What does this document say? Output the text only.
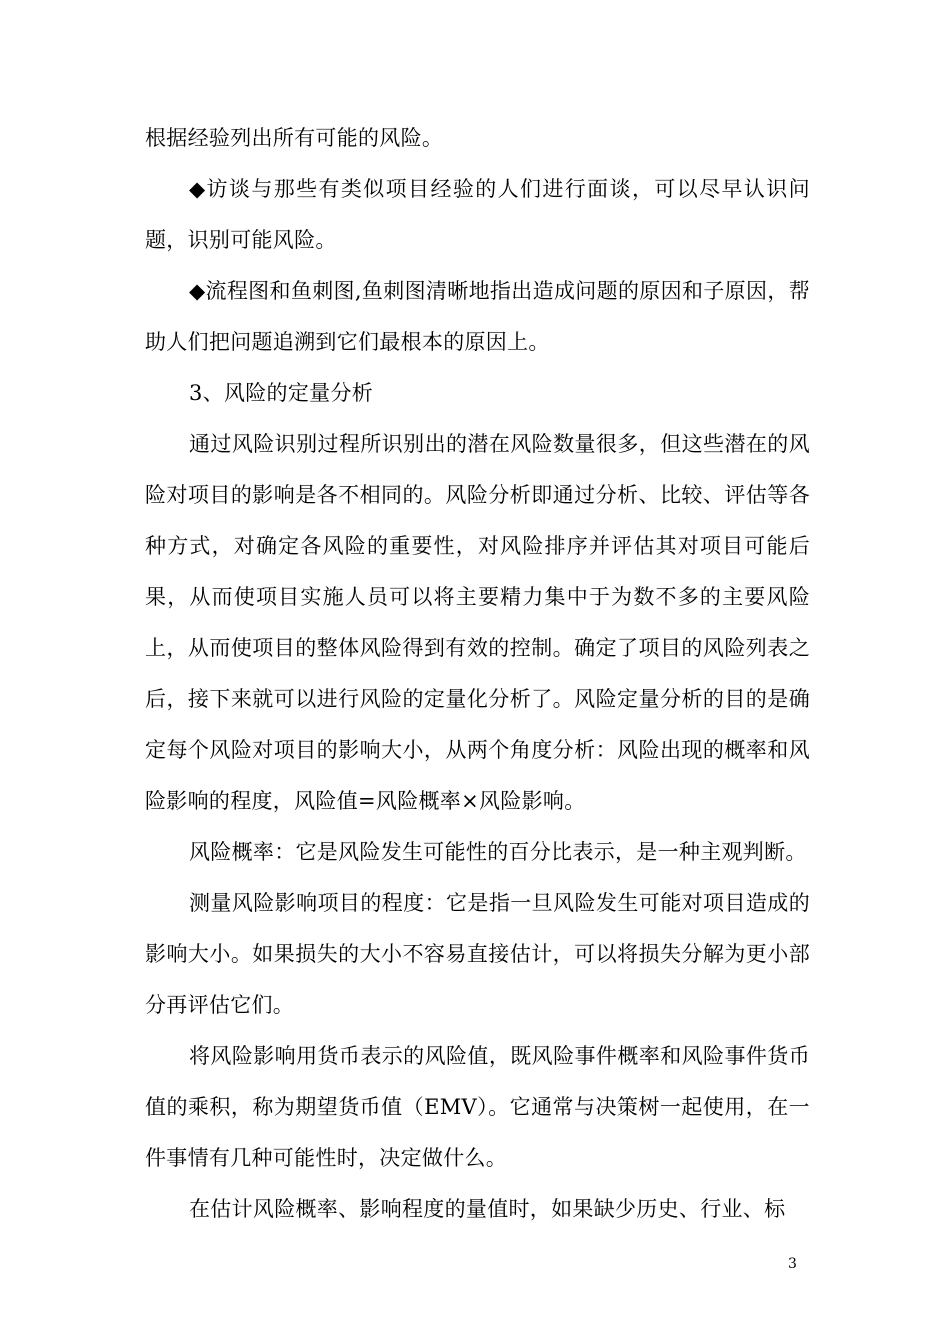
根据经验列出所有可能的风险。

◆访谈与那些有类似项目经验的人们进行面谈，可以尽早认识问题，识别可能风险。

◆流程图和鱼刺图,鱼刺图清晰地指出造成问题的原因和子原因，帮助人们把问题追溯到它们最根本的原因上。

3、风险的定量分析

通过风险识别过程所识别出的潜在风险数量很多，但这些潜在的风险对项目的影响是各不相同的。风险分析即通过分析、比较、评估等各种方式，对确定各风险的重要性，对风险排序并评估其对项目可能后果，从而使项目实施人员可以将主要精力集中于为数不多的主要风险上，从而使项目的整体风险得到有效的控制。确定了项目的风险列表之后，接下来就可以进行风险的定量化分析了。风险定量分析的目的是确定每个风险对项目的影响大小，从两个角度分析：风险出现的概率和风险影响的程度，风险值=风险概率×风险影响。

风险概率：它是风险发生可能性的百分比表示，是一种主观判断。

测量风险影响项目的程度：它是指一旦风险发生可能对项目造成的影响大小。如果损失的大小不容易直接估计，可以将损失分解为更小部分再评估它们。

将风险影响用货币表示的风险值，既风险事件概率和风险事件货币值的乘积，称为期望货币值（EMV）。它通常与决策树一起使用，在一件事情有几种可能性时，决定做什么。

在估计风险概率、影响程度的量值时，如果缺少历史、行业、标

3
